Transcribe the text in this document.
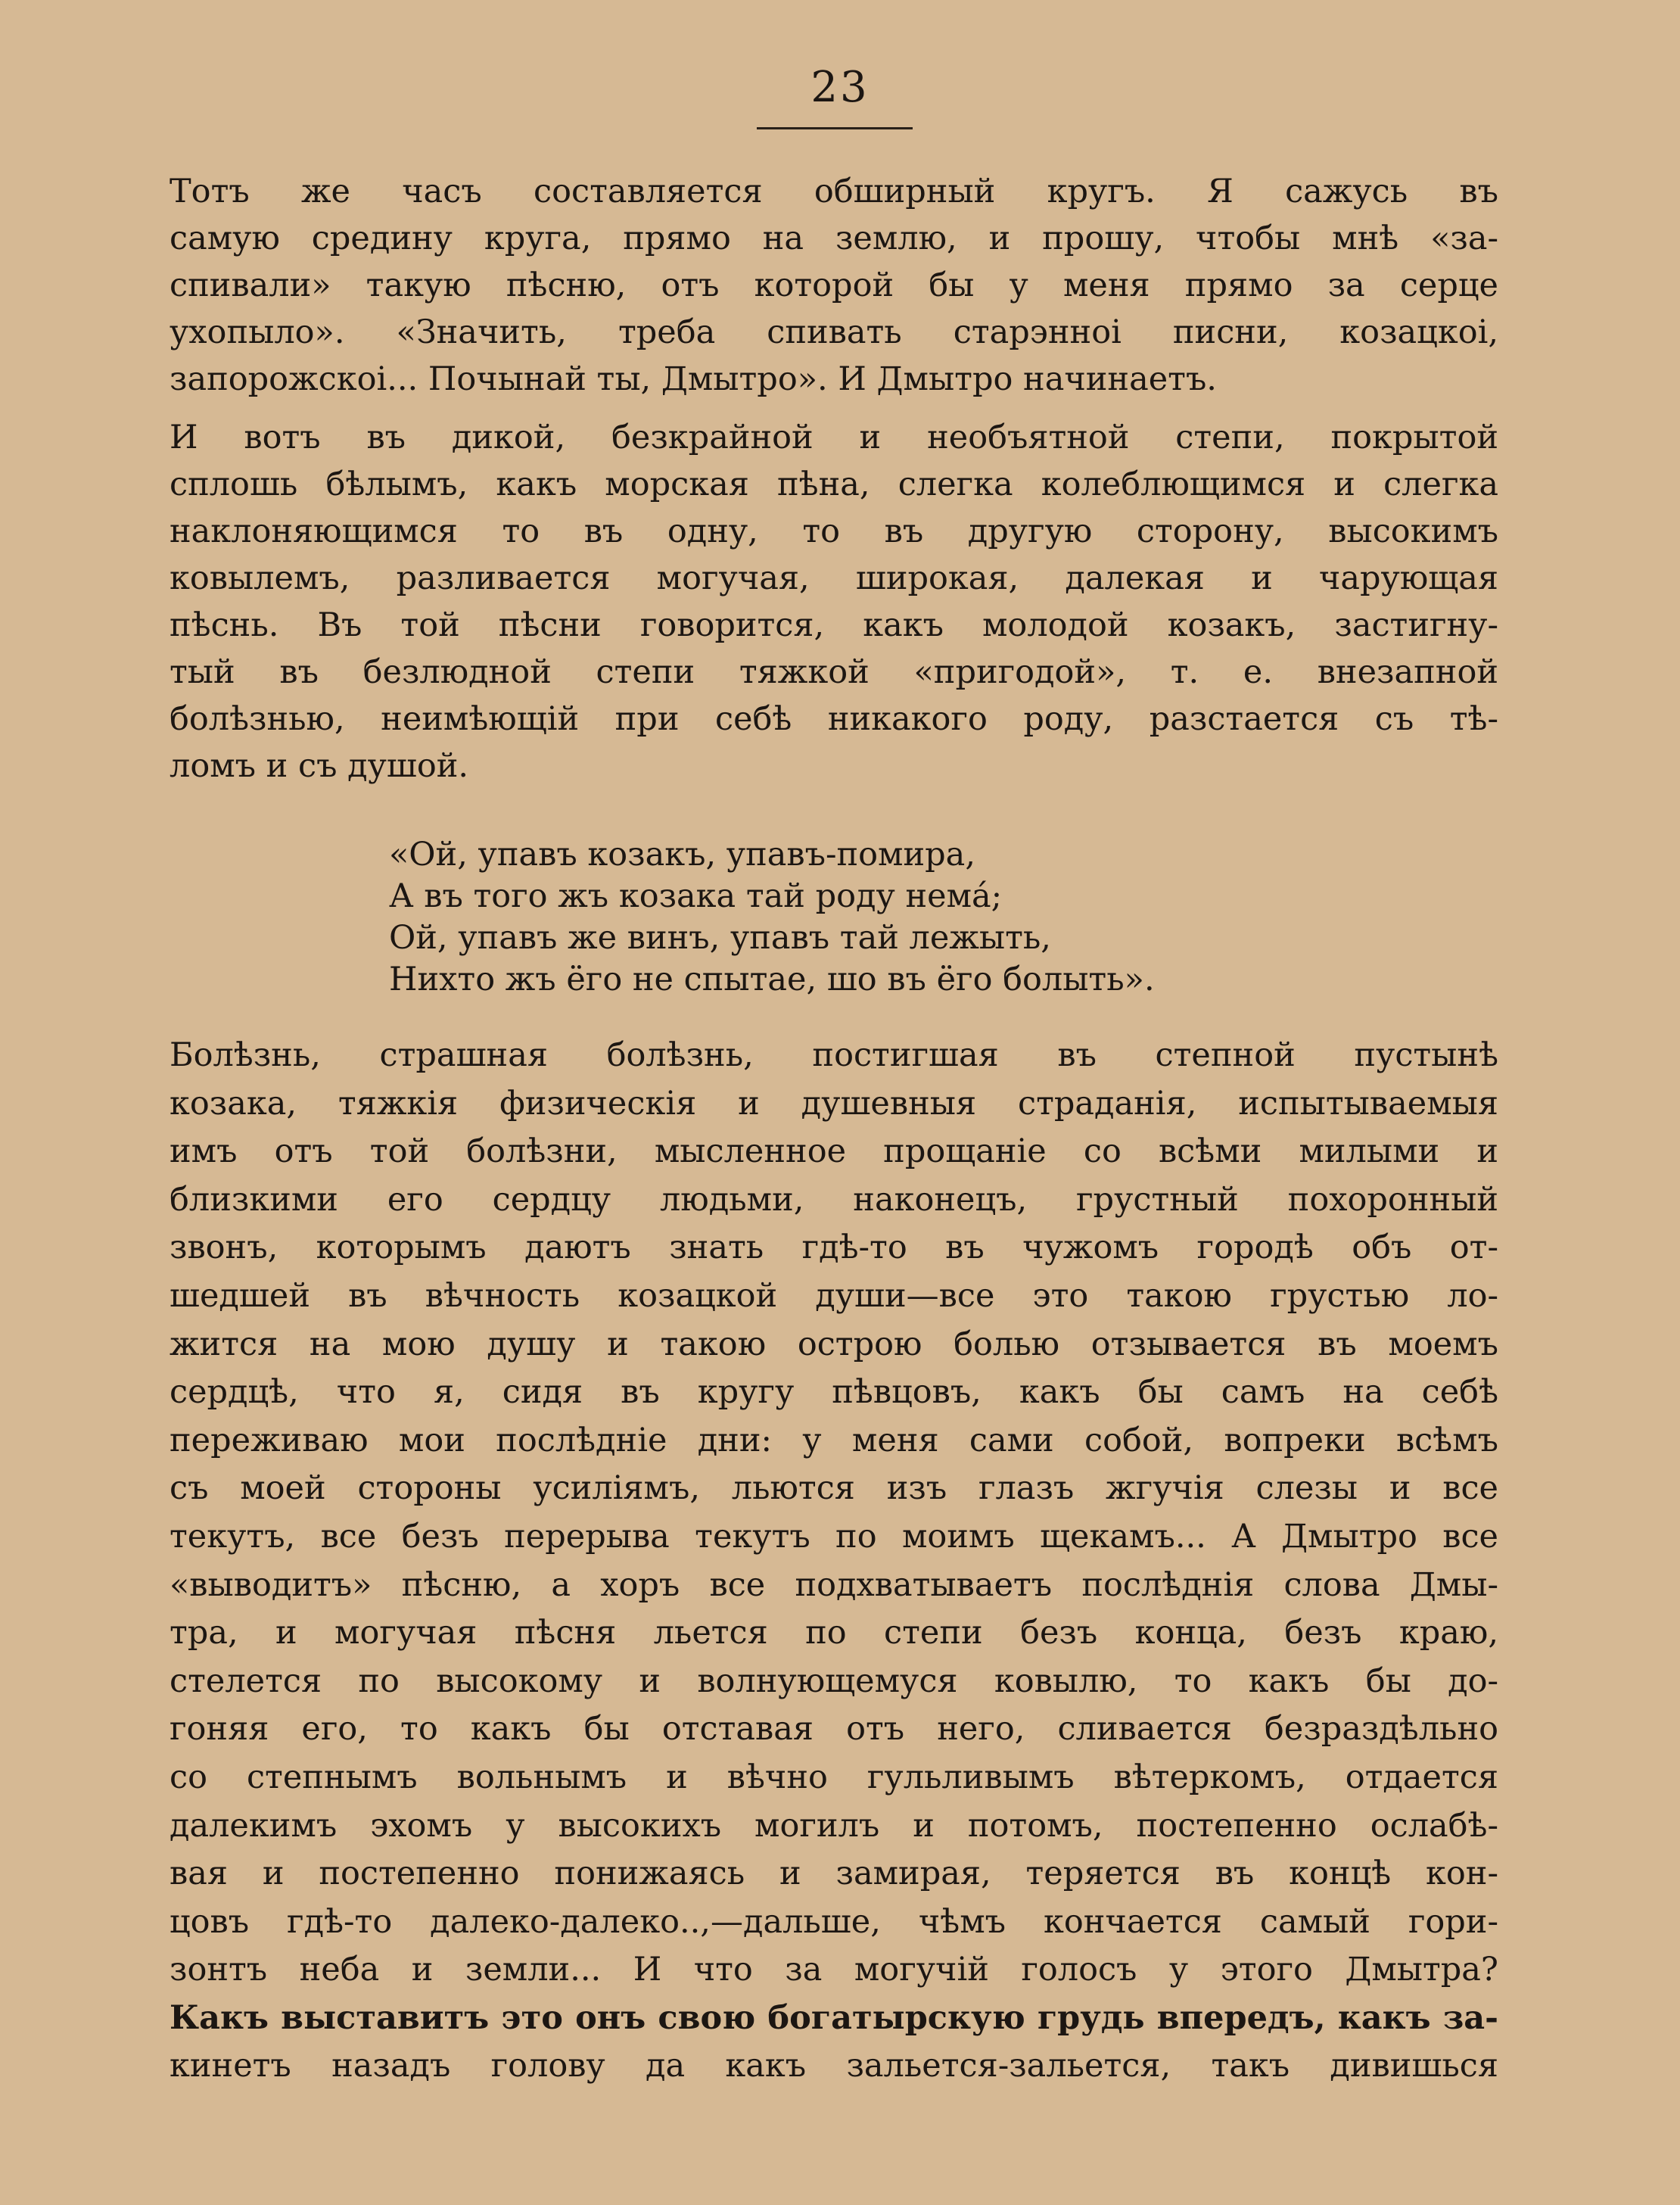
23
Тотъ же часъ составляется обширный кругъ. Я сажусь въ
самую средину круга, прямо на землю, и прошу, чтобы мнѣ «за-
спивали» такую пѣсню, отъ которой бы у меня прямо за серце
ухопыло». «Значить, треба спивать старэнноi писни, козацкоi,
запорожскоi... Почынай ты, Дмытро». И Дмытро начинаетъ.
И вотъ въ дикой, безкрайной и необъятной степи, покрытой
сплошь бѣлымъ, какъ морская пѣна, слегка колеблющимся и слегка
наклоняющимся то въ одну, то въ другую сторону, высокимъ
ковылемъ, разливается могучая, широкая, далекая и чарующая
пѣснь. Въ той пѣсни говорится, какъ молодой козакъ, застигну-
тый въ безлюдной степи тяжкой «пригодой», т. е. внезапной
болѣзнью, неимѣющiй при себѣ никакого роду, разстается съ тѣ-
ломъ и съ душой.
«Ой, упавъ козакъ, упавъ-помира,
А въ того жъ козака тай роду немá;
Ой, упавъ же винъ, упавъ тай лежыть,
Нихто жъ ёго не спытае, шо въ ёго болыть».
Болѣзнь, страшная болѣзнь, постигшая въ степной пустынѣ
козака, тяжкiя физическiя и душевныя страданiя, испытываемыя
имъ отъ той болѣзни, мысленное прощанiе со всѣми милыми и
близкими его сердцу людьми, наконецъ, грустный похоронный
звонъ, которымъ даютъ знать гдѣ-то въ чужомъ городѣ объ от-
шедшей въ вѣчность козацкой души—все это такою грустью ло-
жится на мою душу и такою острою болью отзывается въ моемъ
сердцѣ, что я, сидя въ кругу пѣвцовъ, какъ бы самъ на себѣ
переживаю мои послѣднiе дни: у меня сами собой, вопреки всѣмъ
съ моей стороны усилiямъ, льются изъ глазъ жгучiя слезы и все
текутъ, все безъ перерыва текутъ по моимъ щекамъ... А Дмытро все
«выводитъ» пѣсню, а хоръ все подхватываетъ послѣднiя слова Дмы-
тра, и могучая пѣсня льется по степи безъ конца, безъ краю,
стелется по высокому и волнующемуся ковылю, то какъ бы до-
гоняя его, то какъ бы отставая отъ него, сливается безраздѣльно
со степнымъ вольнымъ и вѣчно гульливымъ вѣтеркомъ, отдается
далекимъ эхомъ у высокихъ могилъ и потомъ, постепенно ослабѣ-
вая и постепенно понижаясь и замирая, теряется въ концѣ кон-
цовъ гдѣ-то далеко-далеко..,—дальше, чѣмъ кончается самый гори-
зонтъ неба и земли... И что за могучiй голосъ у этого Дмытра?
Какъ выставитъ это онъ свою богатырскую грудь впередъ, какъ за-
кинетъ назадъ голову да какъ зальется-зальется, такъ дивишься
